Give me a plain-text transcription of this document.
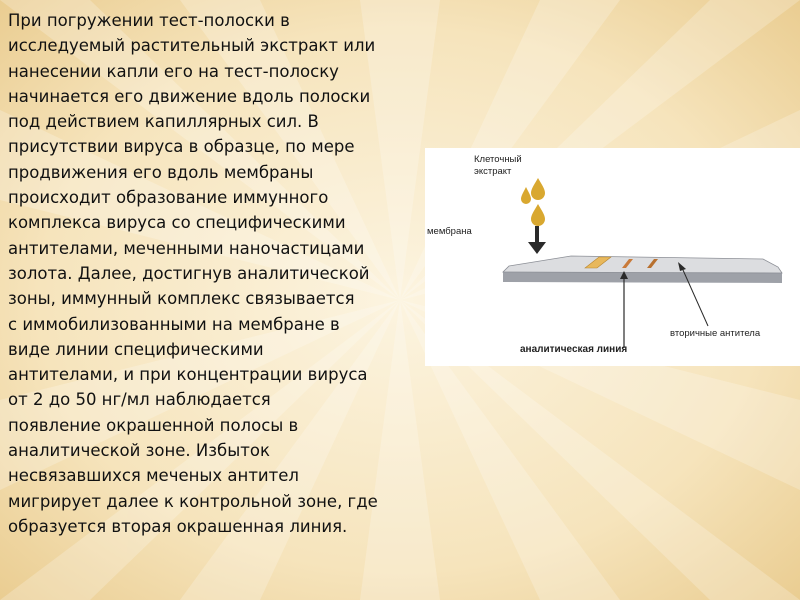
При погружении тест-полоски в
исследуемый растительный экстракт или
нанесении капли его на тест-полоску
начинается его движение вдоль полоски
под действием капиллярных сил. В
присутствии вируса в образце, по мере
продвижения его вдоль мембраны
происходит образование иммунного
комплекса вируса со специфическими
антителами, меченными наночастицами
золота. Далее, достигнув аналитической
зоны, иммунный комплекс связывается
с иммобилизованными на мембране в
виде линии специфическими
антителами, и при концентрации вируса
от 2 до 50 нг/мл наблюдается
появление окрашенной полосы в
аналитической зоне. Избыток
несвязавшихся меченых антител
мигрирует далее к контрольной зоне, где
образуется вторая окрашенная линия.
Клеточный
экстракт
мембрана
вторичные антитела
аналитическая линия
